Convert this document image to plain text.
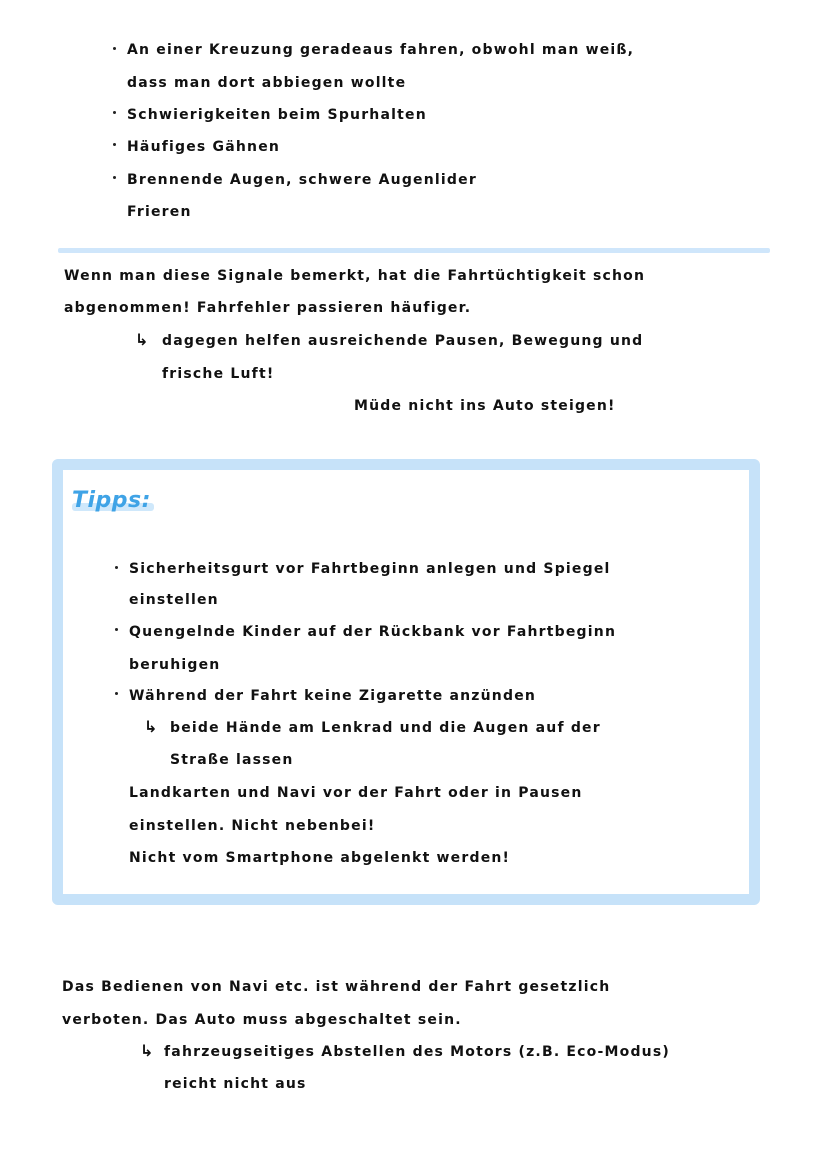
An einer Kreuzung geradeaus fahren, obwohl man weiß,
dass man dort abbiegen wollte
Schwierigkeiten beim Spurhalten
Häufiges Gähnen
Brennende Augen, schwere Augenlider
Frieren
Wenn man diese Signale bemerkt, hat die Fahrtüchtigkeit schon
abgenommen! Fahrfehler passieren häufiger.
↳ dagegen helfen ausreichende Pausen, Bewegung und
frische Luft!
Müde nicht ins Auto steigen!
Tipps:
Sicherheitsgurt vor Fahrtbeginn anlegen und Spiegel
einstellen
Quengelnde Kinder auf der Rückbank vor Fahrtbeginn
beruhigen
Während der Fahrt keine Zigarette anzünden
↳ beide Hände am Lenkrad und die Augen auf der
Straße lassen
Landkarten und Navi vor der Fahrt oder in Pausen
einstellen. Nicht nebenbei!
Nicht vom Smartphone abgelenkt werden!
Das Bedienen von Navi etc. ist während der Fahrt gesetzlich
verboten. Das Auto muss abgeschaltet sein.
↳ fahrzeugseitiges Abstellen des Motors (z.B. Eco-Modus)
reicht nicht aus
